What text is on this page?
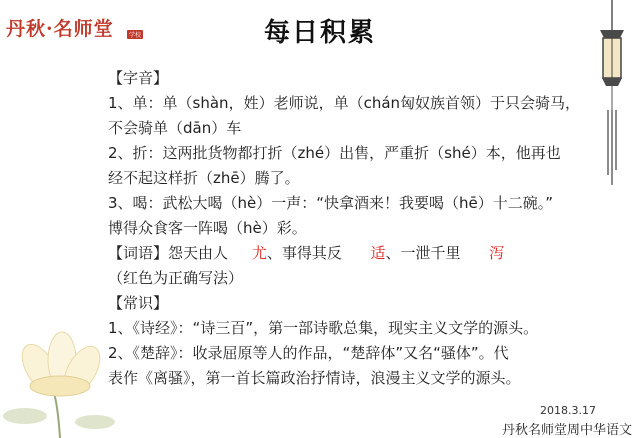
丹秋·名师堂	学校	每日积累
【字音】
1、单：单（shàn，姓）老师说，单（chán匈奴族首领）于只会骑马，
不会骑单（dān）车
2、折：这两批货物都打折（zhé）出售，严重折（shé）本，他再也
经不起这样折（zhē）腾了。
3、喝：武松大喝（hè）一声：“快拿酒来！我要喝（hē）十二碗。”
博得众食客一阵喝（hè）彩。
【词语】怨天由人 尤、事得其反 适、一泄千里 泻
（红色为正确写法）
【常识】
1、《诗经》：“诗三百”，第一部诗歌总集，现实主义文学的源头。
2、《楚辞》：收录屈原等人的作品，“楚辞体”又名“骚体”。代
表作《离骚》，第一首长篇政治抒情诗，浪漫主义文学的源头。
2018.3.17
丹秋名师堂周中华语文
